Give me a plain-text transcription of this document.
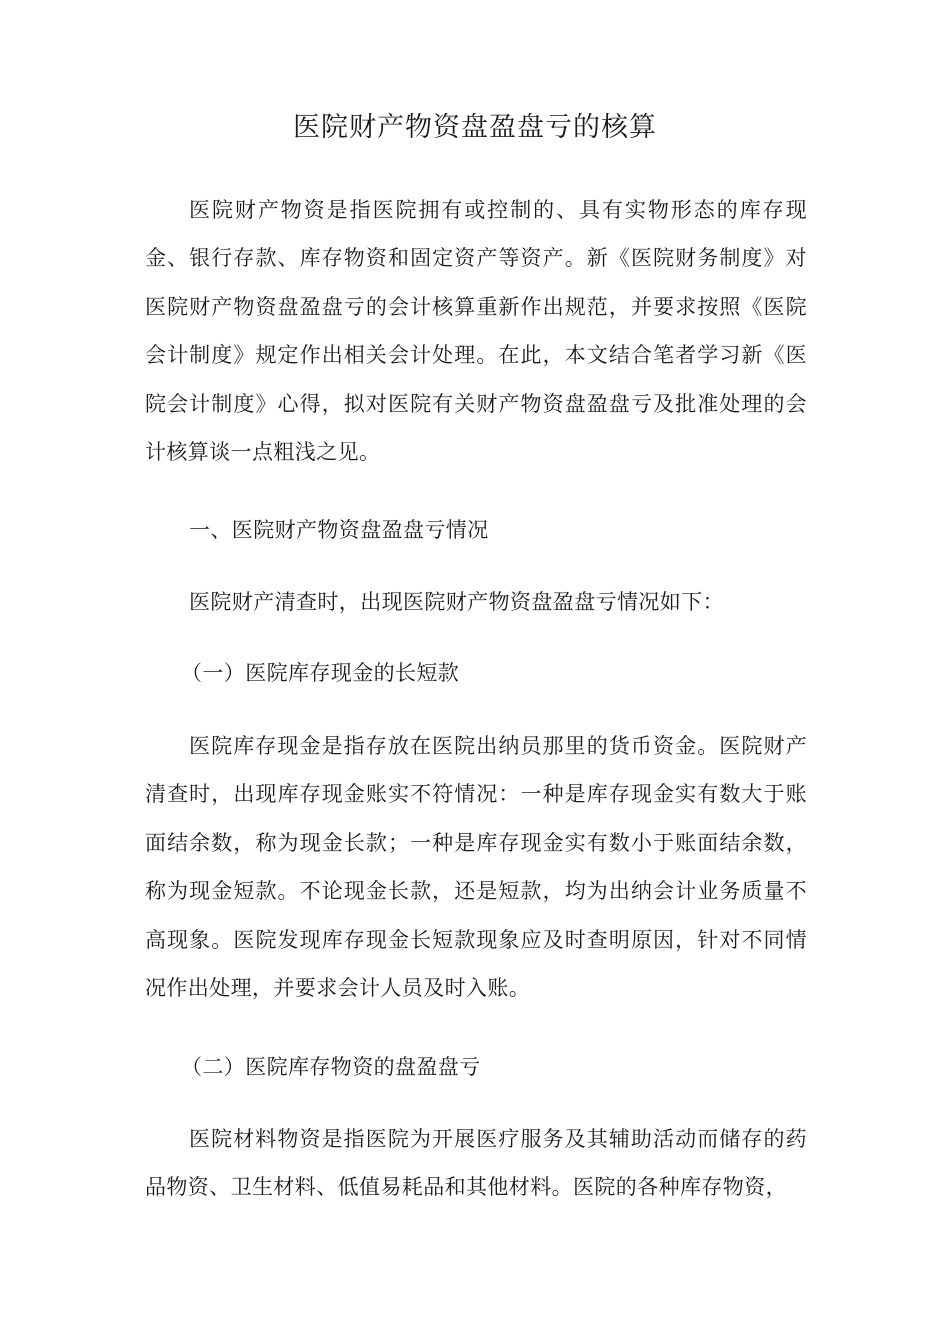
医院财产物资盘盈盘亏的核算

医院财产物资是指医院拥有或控制的、具有实物形态的库存现金、银行存款、库存物资和固定资产等资产。新《医院财务制度》对医院财产物资盘盈盘亏的会计核算重新作出规范，并要求按照《医院会计制度》规定作出相关会计处理。在此，本文结合笔者学习新《医院会计制度》心得，拟对医院有关财产物资盘盈盘亏及批准处理的会计核算谈一点粗浅之见。

一、医院财产物资盘盈盘亏情况

医院财产清查时，出现医院财产物资盘盈盘亏情况如下：

（一）医院库存现金的长短款

医院库存现金是指存放在医院出纳员那里的货币资金。医院财产清查时，出现库存现金账实不符情况：一种是库存现金实有数大于账面结余数，称为现金长款；一种是库存现金实有数小于账面结余数，称为现金短款。不论现金长款，还是短款，均为出纳会计业务质量不高现象。医院发现库存现金长短款现象应及时查明原因，针对不同情况作出处理，并要求会计人员及时入账。

（二）医院库存物资的盘盈盘亏

医院材料物资是指医院为开展医疗服务及其辅助活动而储存的药品物资、卫生材料、低值易耗品和其他材料。医院的各种库存物资，
